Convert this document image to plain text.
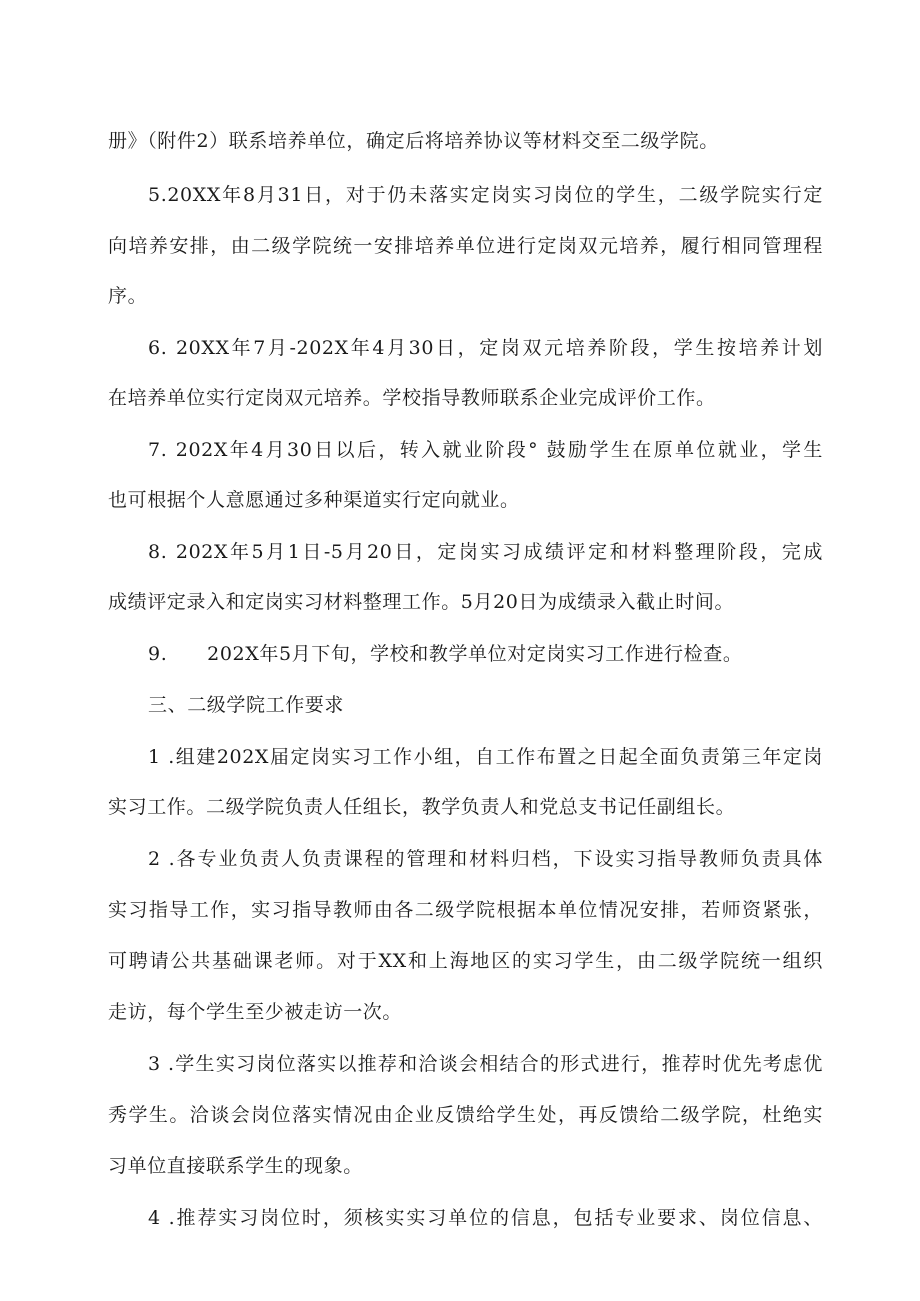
册》（附件2）联系培养单位，确定后将培养协议等材料交至二级学院。
5.20XX年8月31日，对于仍未落实定岗实习岗位的学生，二级学院实行定
向培养安排，由二级学院统一安排培养单位进行定岗双元培养，履行相同管理程
序。
6. 20XX年7月-202X年4月30日，定岗双元培养阶段，学生按培养计划
在培养单位实行定岗双元培养。学校指导教师联系企业完成评价工作。
7. 202X年4月30日以后，转入就业阶段° 鼓励学生在原单位就业，学生
也可根据个人意愿通过多种渠道实行定向就业。
8. 202X年5月1日-5月20日，定岗实习成绩评定和材料整理阶段，完成
成绩评定录入和定岗实习材料整理工作。5月20日为成绩录入截止时间。
9.      202X年5月下旬，学校和教学单位对定岗实习工作进行检查。
三、二级学院工作要求
1 .组建202X届定岗实习工作小组，自工作布置之日起全面负责第三年定岗
实习工作。二级学院负责人任组长，教学负责人和党总支书记任副组长。
2 .各专业负责人负责课程的管理和材料归档，下设实习指导教师负责具体
实习指导工作，实习指导教师由各二级学院根据本单位情况安排，若师资紧张，
可聘请公共基础课老师。对于XX和上海地区的实习学生，由二级学院统一组织
走访，每个学生至少被走访一次。
3 .学生实习岗位落实以推荐和洽谈会相结合的形式进行，推荐时优先考虑优
秀学生。洽谈会岗位落实情况由企业反馈给学生处，再反馈给二级学院，杜绝实
习单位直接联系学生的现象。
4 .推荐实习岗位时，须核实实习单位的信息，包括专业要求、岗位信息、
